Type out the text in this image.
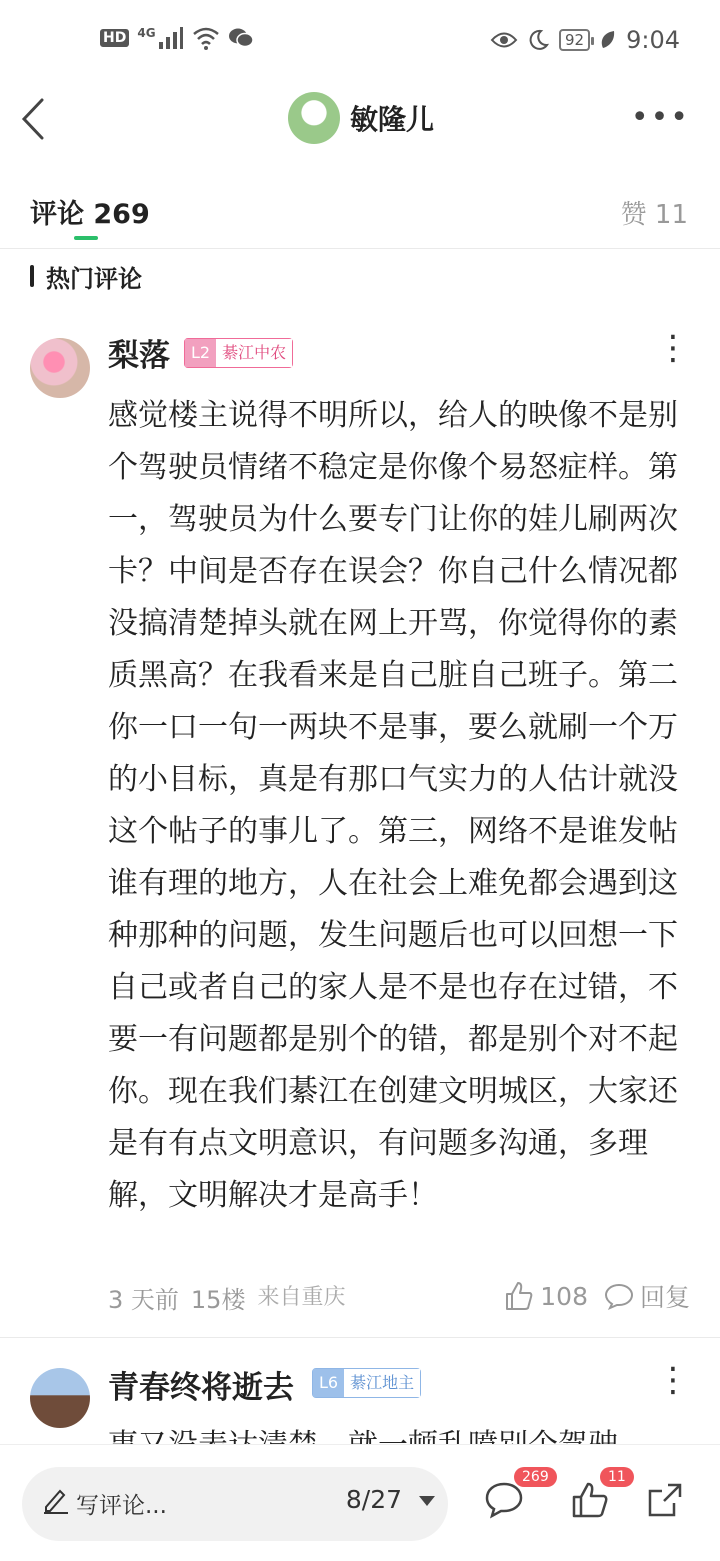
HD 4G	92 9:04
敏隆儿	•••
评论 269	赞 11
热门评论
梨落	L2 綦江中农	⋮
感觉楼主说得不明所以，给人的映像不是别个驾驶员情绪不稳定是你像个易怒症样。第一，驾驶员为什么要专门让你的娃儿刷两次卡？中间是否存在误会？你自己什么情况都没搞清楚掉头就在网上开骂，你觉得你的素质黑高？在我看来是自己脏自己班子。第二你一口一句一两块不是事，要么就刷一个万的小目标，真是有那口气实力的人估计就没这个帖子的事儿了。第三，网络不是谁发帖谁有理的地方，人在社会上难免都会遇到这种那种的问题，发生问题后也可以回想一下自己或者自己的家人是不是也存在过错，不要一有问题都是别个的错，都是别个对不起你。现在我们綦江在创建文明城区，大家还是有有点文明意识，有问题多沟通，多理解，文明解决才是高手！
3 天前 15楼 来自重庆	108 回复
青春终将逝去	L6 綦江地主	⋮
写评论...	8/27
269	11
